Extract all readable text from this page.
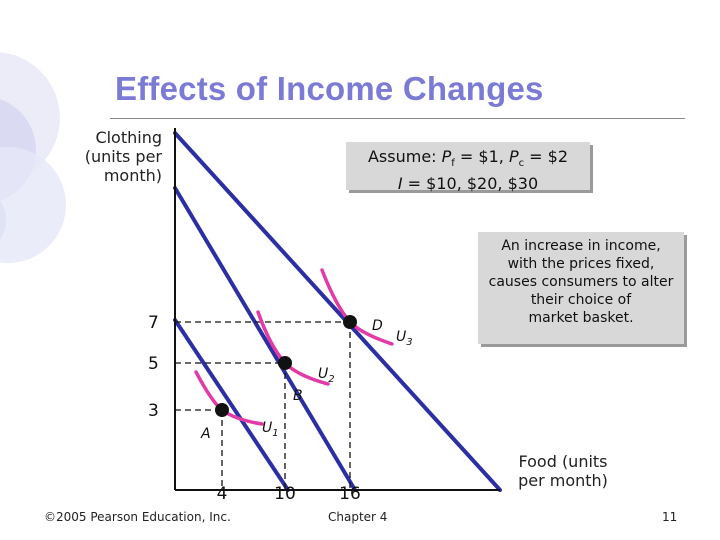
Effects of Income Changes
Clothing
(units per
month)
7
5
3
4	10	16
A
B
D
$U_1$
$U_2$
$U_3$
Assume: $P_f$ = $1, $P_c$ = $2
I = $10, $20, $30
An increase in income,
with the prices fixed,
causes consumers to alter
their choice of
market basket.
Food (units
per month)
©2005 Pearson Education, Inc.	Chapter 4	11
